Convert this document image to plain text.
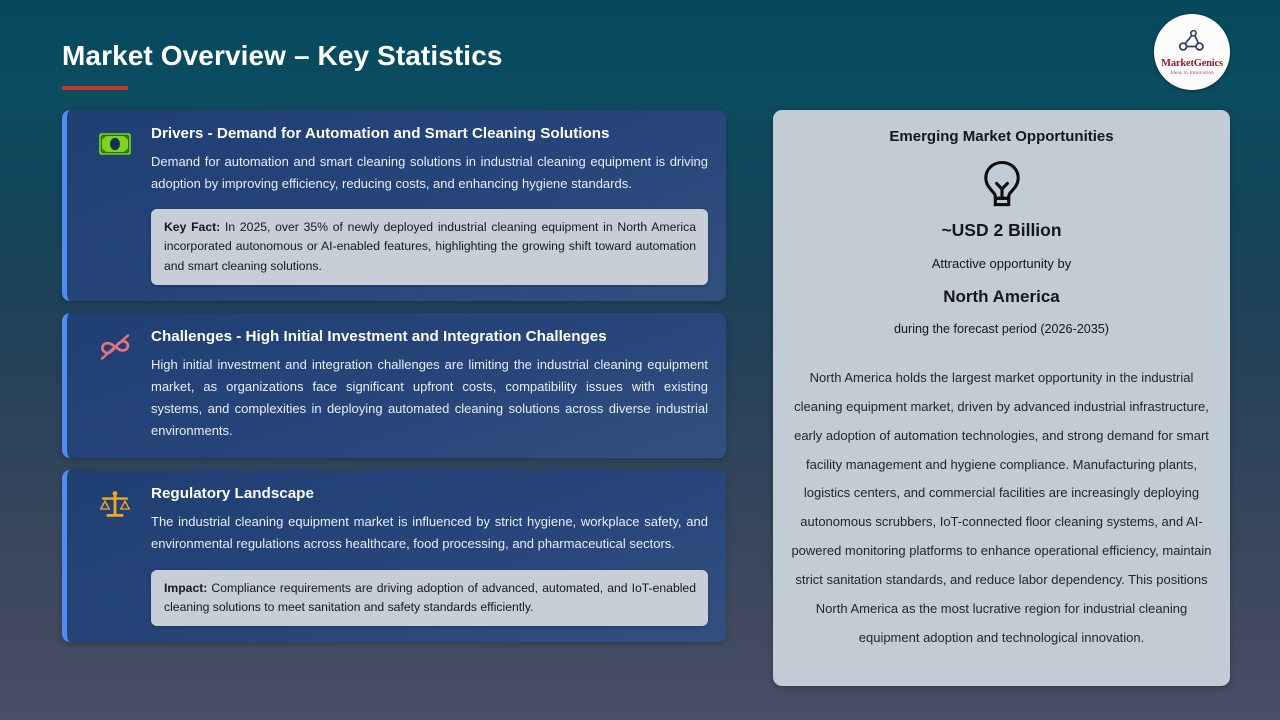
Market Overview – Key Statistics	MarketGenics
Ideas to Innovation
Drivers - Demand for Automation and Smart Cleaning Solutions
Demand for automation and smart cleaning solutions in industrial cleaning equipment is driving adoption by improving efficiency, reducing costs, and enhancing hygiene standards.
Key Fact: In 2025, over 35% of newly deployed industrial cleaning equipment in North America incorporated autonomous or AI-enabled features, highlighting the growing shift toward automation and smart cleaning solutions.
Challenges - High Initial Investment and Integration Challenges
High initial investment and integration challenges are limiting the industrial cleaning equipment market, as organizations face significant upfront costs, compatibility issues with existing systems, and complexities in deploying automated cleaning solutions across diverse industrial environments.
Regulatory Landscape
The industrial cleaning equipment market is influenced by strict hygiene, workplace safety, and environmental regulations across healthcare, food processing, and pharmaceutical sectors.
Impact: Compliance requirements are driving adoption of advanced, automated, and IoT-enabled cleaning solutions to meet sanitation and safety standards efficiently.
Emerging Market Opportunities
~USD 2 Billion
Attractive opportunity by
North America
during the forecast period (2026-2035)
North America holds the largest market opportunity in the industrial cleaning equipment market, driven by advanced industrial infrastructure, early adoption of automation technologies, and strong demand for smart facility management and hygiene compliance. Manufacturing plants, logistics centers, and commercial facilities are increasingly deploying autonomous scrubbers, IoT-connected floor cleaning systems, and AI-powered monitoring platforms to enhance operational efficiency, maintain strict sanitation standards, and reduce labor dependency. This positions North America as the most lucrative region for industrial cleaning equipment adoption and technological innovation.
